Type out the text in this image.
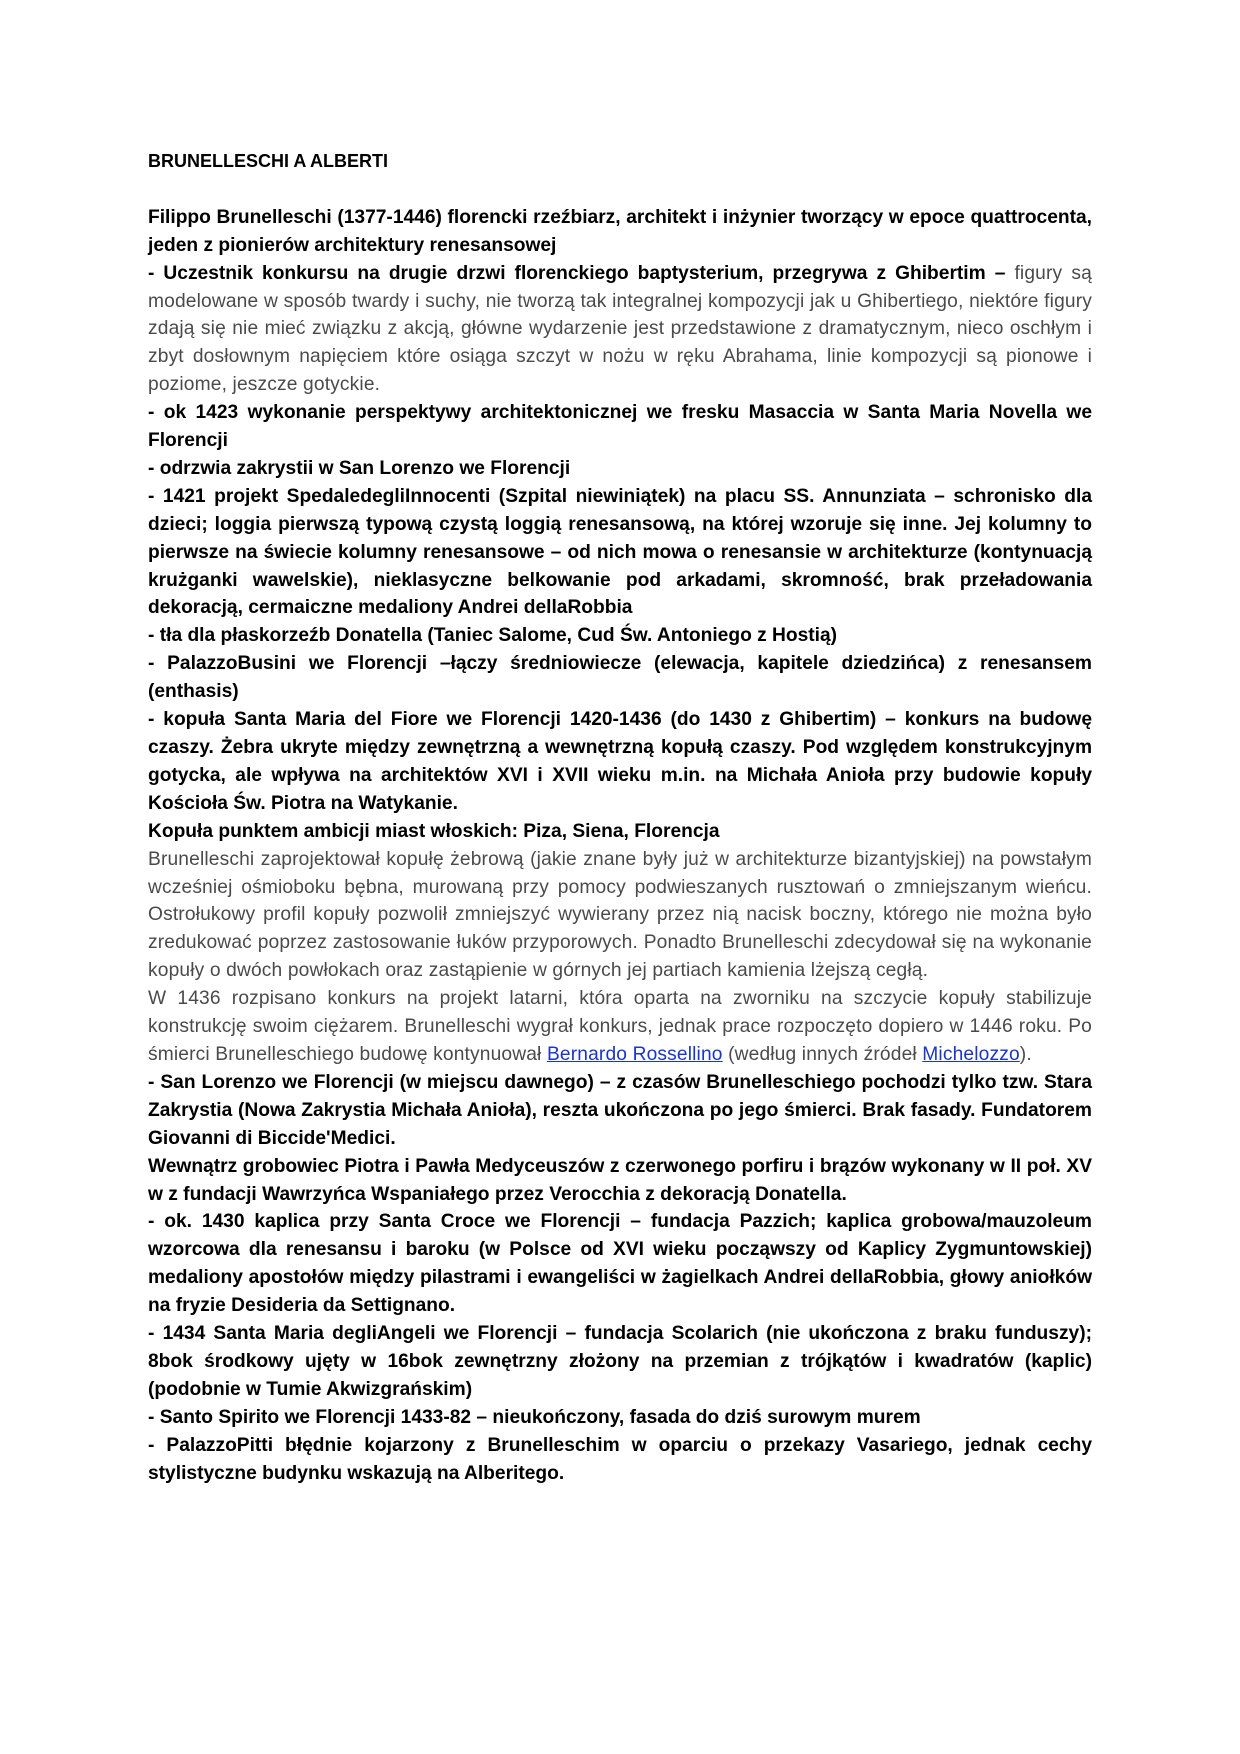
BRUNELLESCHI A ALBERTI

Filippo Brunelleschi (1377-1446) florencki rzeźbiarz, architekt i inżynier tworzący w epoce quattrocenta, jeden z pionierów architektury renesansowej

- Uczestnik konkursu na drugie drzwi florenckiego baptysterium, przegrywa z Ghibertim – figury są modelowane w sposób twardy i suchy, nie tworzą tak integralnej kompozycji jak u Ghibertiego, niektóre figury zdają się nie mieć związku z akcją, główne wydarzenie jest przedstawione z dramatycznym, nieco oschłym i zbyt dosłownym napięciem które osiąga szczyt w nożu w ręku Abrahama, linie kompozycji są pionowe i poziome, jeszcze gotyckie.

- ok 1423 wykonanie perspektywy architektonicznej we fresku Masaccia w Santa Maria Novella we Florencji

- odrzwia zakrystii w San Lorenzo we Florencji

- 1421 projekt SpedaledegliInnocenti (Szpital niewiniątek) na placu SS. Annunziata – schronisko dla dzieci; loggia pierwszą typową czystą loggią renesansową, na której wzoruje się inne. Jej kolumny to pierwsze na świecie kolumny renesansowe – od nich mowa o renesansie w architekturze (kontynuacją krużganki wawelskie), nieklasyczne belkowanie pod arkadami, skromność, brak przeładowania dekoracją, cermaiczne medaliony Andrei dellaRobbia

- tła dla płaskorzeźb Donatella (Taniec Salome, Cud Św. Antoniego z Hostią)

- PalazzoBusini we Florencji –łączy średniowiecze (elewacja, kapitele dziedzińca) z renesansem (enthasis)

- kopuła Santa Maria del Fiore we Florencji 1420-1436 (do 1430 z Ghibertim) – konkurs na budowę czaszy. Żebra ukryte między zewnętrzną a wewnętrzną kopułą czaszy. Pod względem konstrukcyjnym gotycka, ale wpływa na architektów XVI i XVII wieku m.in. na Michała Anioła przy budowie kopuły Kościoła Św. Piotra na Watykanie.

Kopuła punktem ambicji miast włoskich: Piza, Siena, Florencja

Brunelleschi zaprojektował kopułę żebrową (jakie znane były już w architekturze bizantyjskiej) na powstałym wcześniej ośmioboku bębna, murowaną przy pomocy podwieszanych rusztowań o zmniejszanym wieńcu. Ostrołukowy profil kopuły pozwolił zmniejszyć wywierany przez nią nacisk boczny, którego nie można było zredukować poprzez zastosowanie łuków przyporowych. Ponadto Brunelleschi zdecydował się na wykonanie kopuły o dwóch powłokach oraz zastąpienie w górnych jej partiach kamienia lżejszą cegłą.

W 1436 rozpisano konkurs na projekt latarni, która oparta na zworniku na szczycie kopuły stabilizuje konstrukcję swoim ciężarem. Brunelleschi wygrał konkurs, jednak prace rozpoczęto dopiero w 1446 roku. Po śmierci Brunelleschiego budowę kontynuował Bernardo Rossellino (według innych źródeł Michelozzo).

- San Lorenzo we Florencji (w miejscu dawnego) – z czasów Brunelleschiego pochodzi tylko tzw. Stara Zakrystia (Nowa Zakrystia Michała Anioła), reszta ukończona po jego śmierci. Brak fasady. Fundatorem Giovanni di Biccide'Medici.

Wewnątrz grobowiec Piotra i Pawła Medyceuszów z czerwonego porfiru i brązów wykonany w II poł. XV w z fundacji Wawrzyńca Wspaniałego przez Verocchia z dekoracją Donatella.

- ok. 1430 kaplica przy Santa Croce we Florencji – fundacja Pazzich; kaplica grobowa/mauzoleum wzorcowa dla renesansu i baroku (w Polsce od XVI wieku począwszy od Kaplicy Zygmuntowskiej) medaliony apostołów między pilastrami i ewangeliści w żagielkach Andrei dellaRobbia, głowy aniołków na fryzie Desideria da Settignano.

- 1434 Santa Maria degliAngeli we Florencji – fundacja Scolarich (nie ukończona z braku funduszy); 8bok środkowy ujęty w 16bok zewnętrzny złożony na przemian z trójkątów i kwadratów (kaplic) (podobnie w Tumie Akwizgrańskim)

- Santo Spirito we Florencji 1433-82 – nieukończony, fasada do dziś surowym murem

- PalazzoPitti błędnie kojarzony z Brunelleschim w oparciu o przekazy Vasariego, jednak cechy stylistyczne budynku wskazują na Alberitego.
